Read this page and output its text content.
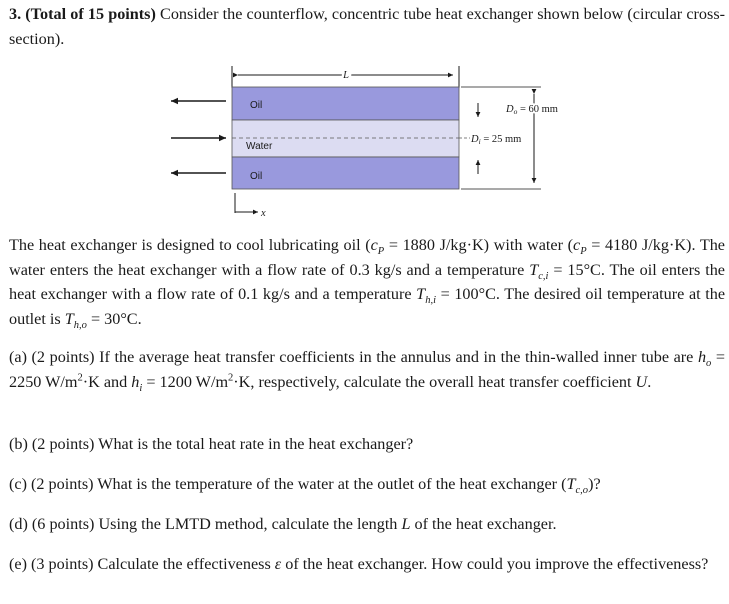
3. (Total of 15 points) Consider the counterflow, concentric tube heat exchanger shown below (circular cross-section).

L
Oil
Water
Oil
Di = 25 mm
Do = 60 mm
x

The heat exchanger is designed to cool lubricating oil ($c_P = 1880$ J/kg·K) with water ($c_P = 4180$ J/kg·K). The water enters the heat exchanger with a flow rate of 0.3 kg/s and a temperature $T_{c,i} = 15^\circ C$. The oil enters the heat exchanger with a flow rate of 0.1 kg/s and a temperature $T_{h,i} = 100^\circ C$. The desired oil temperature at the outlet is $T_{h,o} = 30^\circ C$.

(a) (2 points) If the average heat transfer coefficients in the annulus and in the thin-walled inner tube are $h_o = 2250$ $W/m^2\cdot K$ and $h_i = 1200$ $W/m^2\cdot K$, respectively, calculate the overall heat transfer coefficient U.

(b) (2 points) What is the total heat rate in the heat exchanger?

(c) (2 points) What is the temperature of the water at the outlet of the heat exchanger $(T_{c,o})$?

(d) (6 points) Using the LMTD method, calculate the length L of the heat exchanger.

(e) (3 points) Calculate the effectiveness ε of the heat exchanger. How could you improve the effectiveness?
